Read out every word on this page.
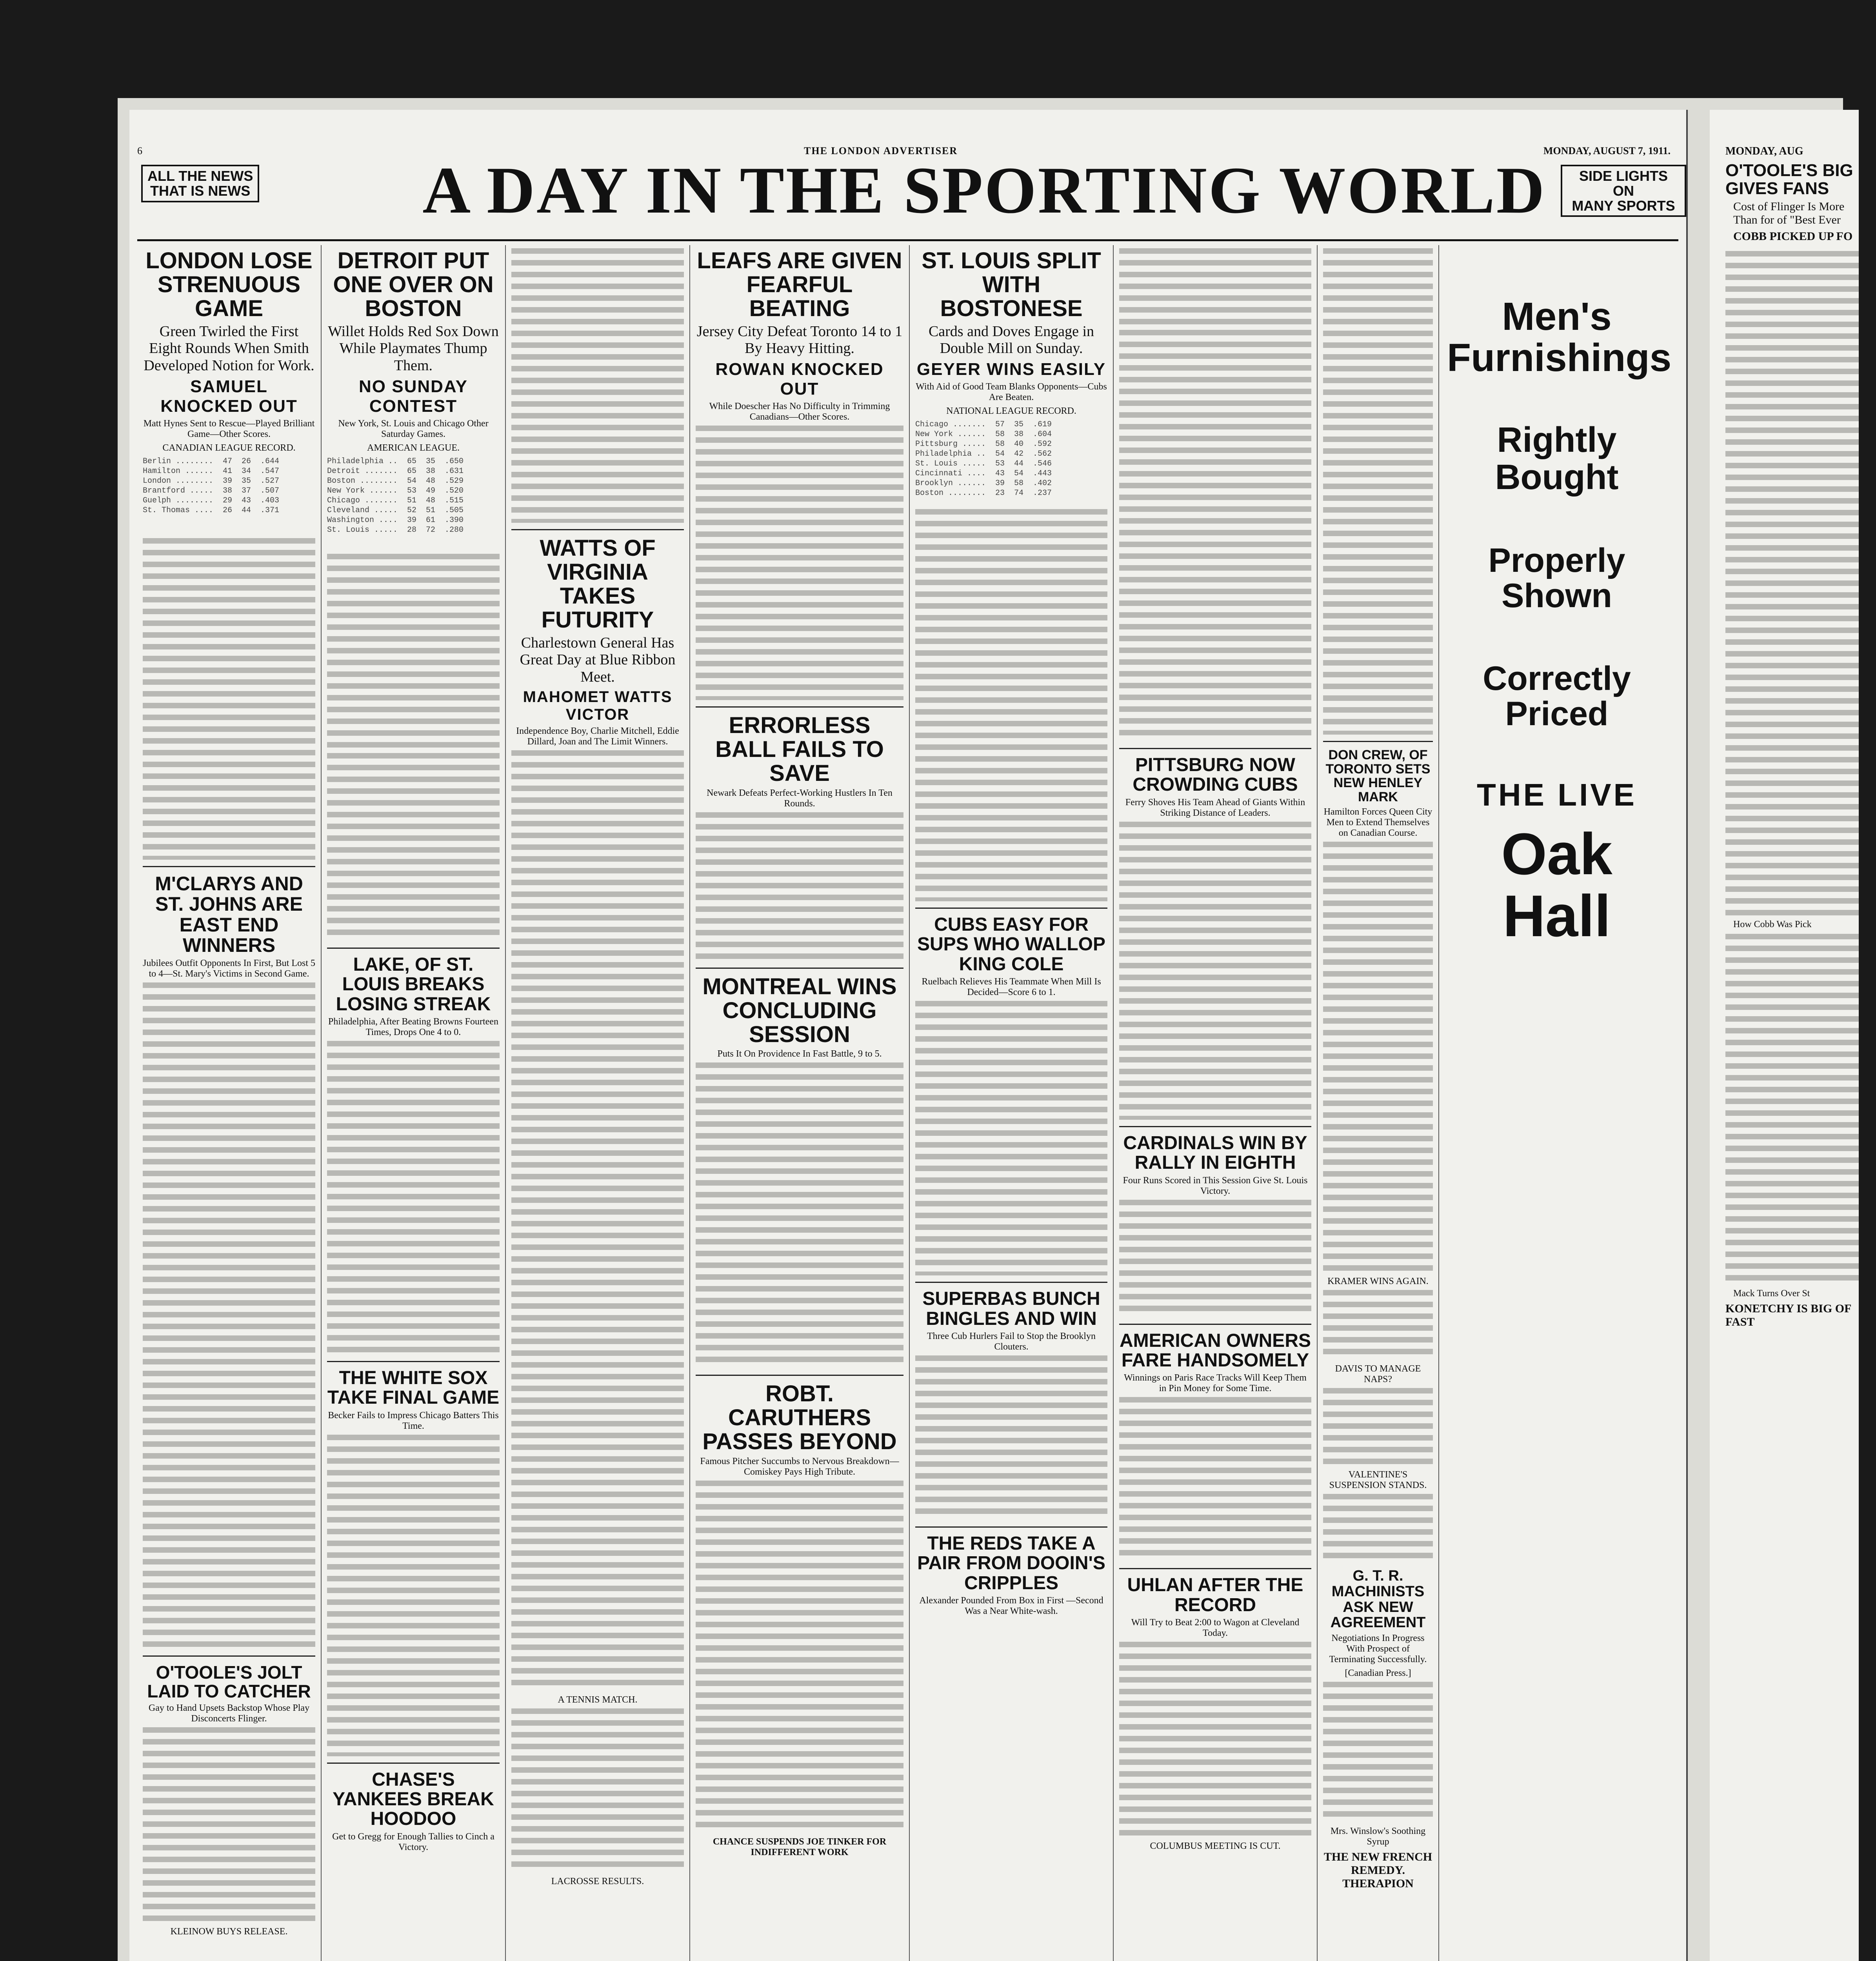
6	THE LONDON ADVERTISER	MONDAY, AUGUST 7, 1911.
ALL THE NEWS
THAT IS NEWS	A DAY IN THE SPORTING WORLD	SIDE LIGHTS ON
MANY SPORTS
LONDON LOSE STRENUOUS GAME
Green Twirled the First Eight Rounds When Smith Developed Notion for Work.
SAMUEL KNOCKED OUT
Matt Hynes Sent to Rescue—Played Brilliant Game—Other Scores.
CANADIAN LEAGUE RECORD.
Berlin ........  47  26  .644
Hamilton ......  41  34  .547
London ........  39  35  .527
Brantford .....  38  37  .507
Guelph ........  29  43  .403
St. Thomas ....  26  44  .371
M'CLARYS AND ST. JOHNS ARE EAST END WINNERS
Jubilees Outfit Opponents In First, But Lost 5 to 4—St. Mary's Victims in Second Game.
O'TOOLE'S JOLT LAID TO CATCHER
Gay to Hand Upsets Backstop Whose Play Disconcerts Flinger.
KLEINOW BUYS RELEASE.
DETROIT PUT ONE OVER ON BOSTON
Willet Holds Red Sox Down While Playmates Thump Them.
NO SUNDAY CONTEST
New York, St. Louis and Chicago Other Saturday Games.
AMERICAN LEAGUE.
Philadelphia ..  65  35  .650
Detroit .......  65  38  .631
Boston ........  54  48  .529
New York ......  53  49  .520
Chicago .......  51  48  .515
Cleveland .....  52  51  .505
Washington ....  39  61  .390
St. Louis .....  28  72  .280
LAKE, OF ST. LOUIS BREAKS LOSING STREAK
Philadelphia, After Beating Browns Fourteen Times, Drops One 4 to 0.
THE WHITE SOX TAKE FINAL GAME
Becker Fails to Impress Chicago Batters This Time.
CHASE'S YANKEES BREAK HOODOO
Get to Gregg for Enough Tallies to Cinch a Victory.
WATTS OF VIRGINIA TAKES FUTURITY
Charlestown General Has Great Day at Blue Ribbon Meet.
MAHOMET WATTS VICTOR
Independence Boy, Charlie Mitchell, Eddie Dillard, Joan and The Limit Winners.
A TENNIS MATCH.
LACROSSE RESULTS.
LEAFS ARE GIVEN FEARFUL BEATING
Jersey City Defeat Toronto 14 to 1 By Heavy Hitting.
ROWAN KNOCKED OUT
While Doescher Has No Difficulty in Trimming Canadians—Other Scores.
ERRORLESS BALL FAILS TO SAVE
Newark Defeats Perfect-Working Hustlers In Ten Rounds.
MONTREAL WINS CONCLUDING SESSION
Puts It On Providence In Fast Battle, 9 to 5.
ROBT. CARUTHERS PASSES BEYOND
Famous Pitcher Succumbs to Nervous Breakdown—Comiskey Pays High Tribute.
CHANCE SUSPENDS JOE TINKER FOR INDIFFERENT WORK
ST. LOUIS SPLIT WITH BOSTONESE
Cards and Doves Engage in Double Mill on Sunday.
GEYER WINS EASILY
With Aid of Good Team Blanks Opponents—Cubs Are Beaten.
NATIONAL LEAGUE RECORD.
Chicago .......  57  35  .619
New York ......  58  38  .604
Pittsburg .....  58  40  .592
Philadelphia ..  54  42  .562
St. Louis .....  53  44  .546
Cincinnati ....  43  54  .443
Brooklyn ......  39  58  .402
Boston ........  23  74  .237
CUBS EASY FOR SUPS WHO WALLOP KING COLE
Ruelbach Relieves His Teammate When Mill Is Decided—Score 6 to 1.
SUPERBAS BUNCH BINGLES AND WIN
Three Cub Hurlers Fail to Stop the Brooklyn Clouters.
THE REDS TAKE A PAIR FROM DOOIN'S CRIPPLES
Alexander Pounded From Box in First —Second Was a Near White-wash.
PITTSBURG NOW CROWDING CUBS
Ferry Shoves His Team Ahead of Giants Within Striking Distance of Leaders.
CARDINALS WIN BY RALLY IN EIGHTH
Four Runs Scored in This Session Give St. Louis Victory.
AMERICAN OWNERS FARE HANDSOMELY
Winnings on Paris Race Tracks Will Keep Them in Pin Money for Some Time.
UHLAN AFTER THE RECORD
Will Try to Beat 2:00 to Wagon at Cleveland Today.
COLUMBUS MEETING IS CUT.
DON CREW, OF TORONTO SETS NEW HENLEY MARK
Hamilton Forces Queen City Men to Extend Themselves on Canadian Course.
KRAMER WINS AGAIN.
DAVIS TO MANAGE NAPS?
VALENTINE'S SUSPENSION STANDS.
G. T. R. MACHINISTS ASK NEW AGREEMENT
Negotiations In Progress With Prospect of Terminating Successfully.
[Canadian Press.]
Mrs. Winslow's Soothing Syrup
THE NEW FRENCH REMEDY. THERAPION
Men's
Furnishings
Rightly Bought
Properly Shown
Correctly Priced
THE LIVE
Oak Hall
MONDAY, AUG
O'TOOLE'S BIG GIVES FANS
Cost of Flinger Is More Than for of "Best Ever
COBB PICKED UP FO
How Cobb Was Pick
Mack Turns Over St
KONETCHY IS BIG OF FAST
